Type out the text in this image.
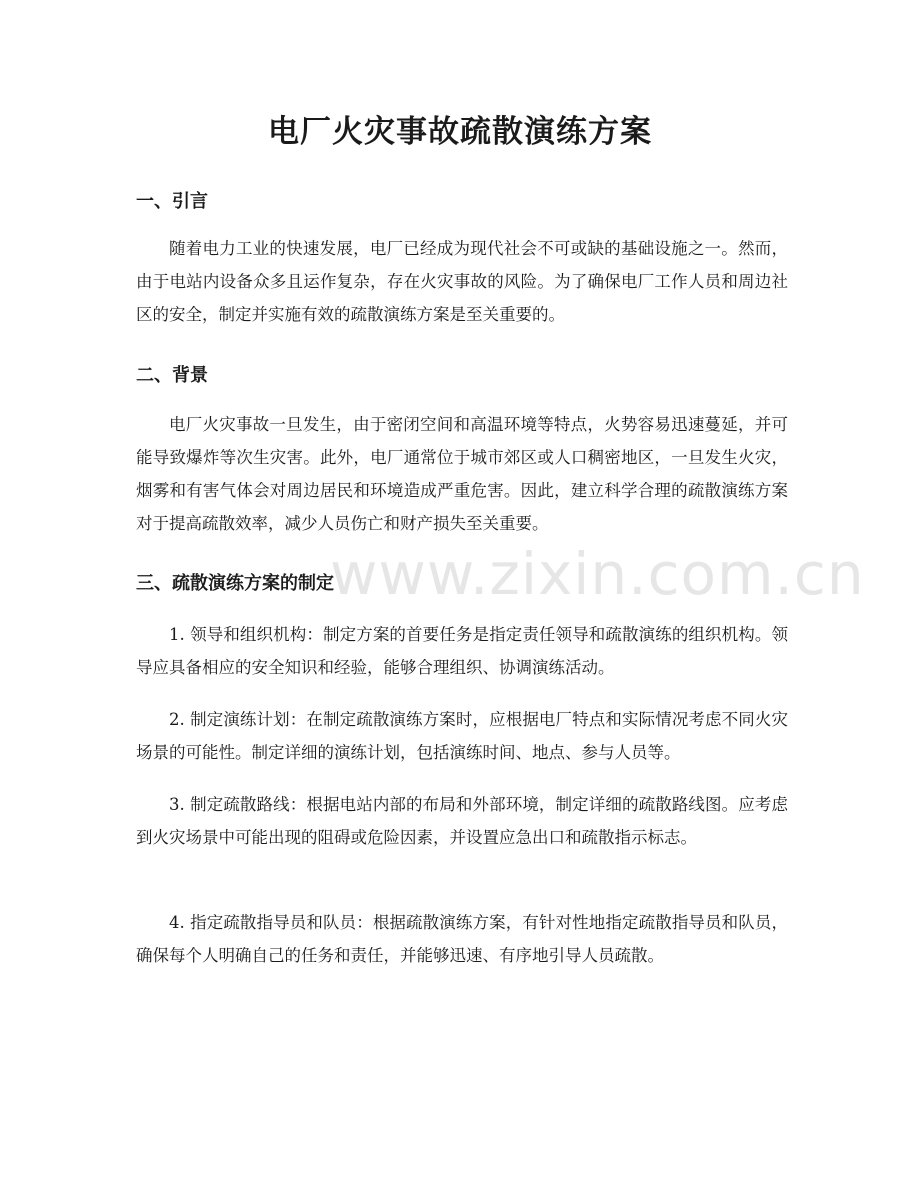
www.zixin.com.cn
电厂火灾事故疏散演练方案
一、引言

随着电力工业的快速发展，电厂已经成为现代社会不可或缺的基础设施之一。然而，由于电站内设备众多且运作复杂，存在火灾事故的风险。为了确保电厂工作人员和周边社区的安全，制定并实施有效的疏散演练方案是至关重要的。

二、背景

电厂火灾事故一旦发生，由于密闭空间和高温环境等特点，火势容易迅速蔓延，并可能导致爆炸等次生灾害。此外，电厂通常位于城市郊区或人口稠密地区，一旦发生火灾，烟雾和有害气体会对周边居民和环境造成严重危害。因此，建立科学合理的疏散演练方案对于提高疏散效率，减少人员伤亡和财产损失至关重要。

三、疏散演练方案的制定

1. 领导和组织机构：制定方案的首要任务是指定责任领导和疏散演练的组织机构。领导应具备相应的安全知识和经验，能够合理组织、协调演练活动。

2. 制定演练计划：在制定疏散演练方案时，应根据电厂特点和实际情况考虑不同火灾场景的可能性。制定详细的演练计划，包括演练时间、地点、参与人员等。

3. 制定疏散路线：根据电站内部的布局和外部环境，制定详细的疏散路线图。应考虑到火灾场景中可能出现的阻碍或危险因素，并设置应急出口和疏散指示标志。

4. 指定疏散指导员和队员：根据疏散演练方案，有针对性地指定疏散指导员和队员，确保每个人明确自己的任务和责任，并能够迅速、有序地引导人员疏散。
